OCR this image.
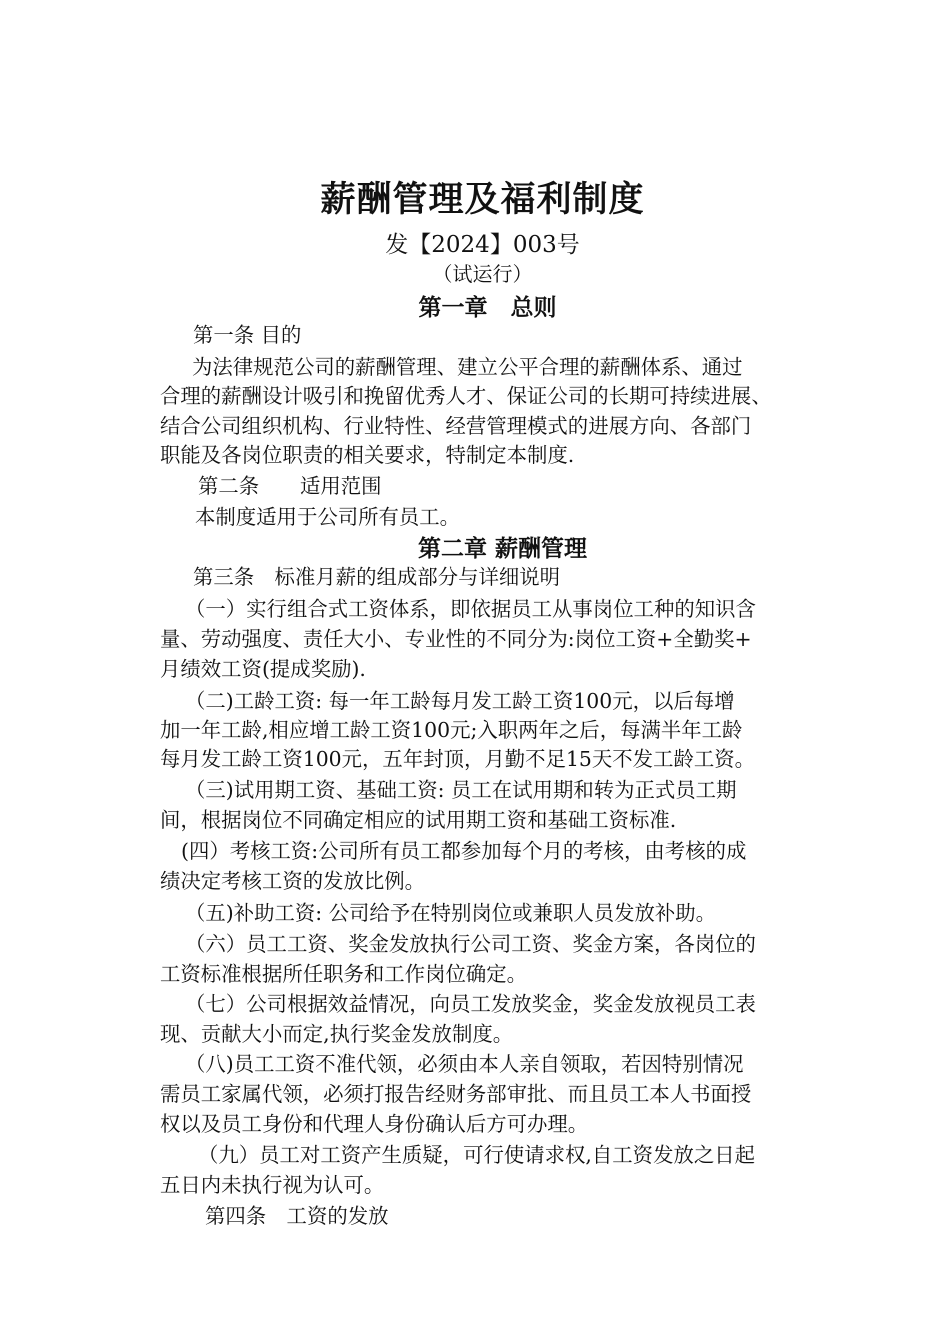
薪酬管理及福利制度
发【2024】003号
（试运行）
第一章　总则
第一条 目的
为法律规范公司的薪酬管理、建立公平合理的薪酬体系、通过
合理的薪酬设计吸引和挽留优秀人才、保证公司的长期可持续进展、
结合公司组织机构、行业特性、经营管理模式的进展方向、各部门
职能及各岗位职责的相关要求，特制定本制度.
第二条　　适用范围
本制度适用于公司所有员工。
第二章 薪酬管理
第三条　标准月薪的组成部分与详细说明
（一）实行组合式工资体系，即依据员工从事岗位工种的知识含
量、劳动强度、责任大小、专业性的不同分为:岗位工资+全勤奖+
月绩效工资(提成奖励).
（二)工龄工资: 每一年工龄每月发工龄工资100元，以后每增
加一年工龄,相应增工龄工资100元;入职两年之后，每满半年工龄
每月发工龄工资100元，五年封顶，月勤不足15天不发工龄工资。
（三)试用期工资、基础工资: 员工在试用期和转为正式员工期
间，根据岗位不同确定相应的试用期工资和基础工资标准.
(四）考核工资:公司所有员工都参加每个月的考核，由考核的成
绩决定考核工资的发放比例。
（五)补助工资: 公司给予在特别岗位或兼职人员发放补助。
（六）员工工资、奖金发放执行公司工资、奖金方案，各岗位的
工资标准根据所任职务和工作岗位确定。
（七）公司根据效益情况，向员工发放奖金，奖金发放视员工表
现、贡献大小而定,执行奖金发放制度。
（八)员工工资不准代领，必须由本人亲自领取，若因特别情况
需员工家属代领，必须打报告经财务部审批、而且员工本人书面授
权以及员工身份和代理人身份确认后方可办理。
（九）员工对工资产生质疑，可行使请求权,自工资发放之日起
五日内未执行视为认可。
第四条　工资的发放
